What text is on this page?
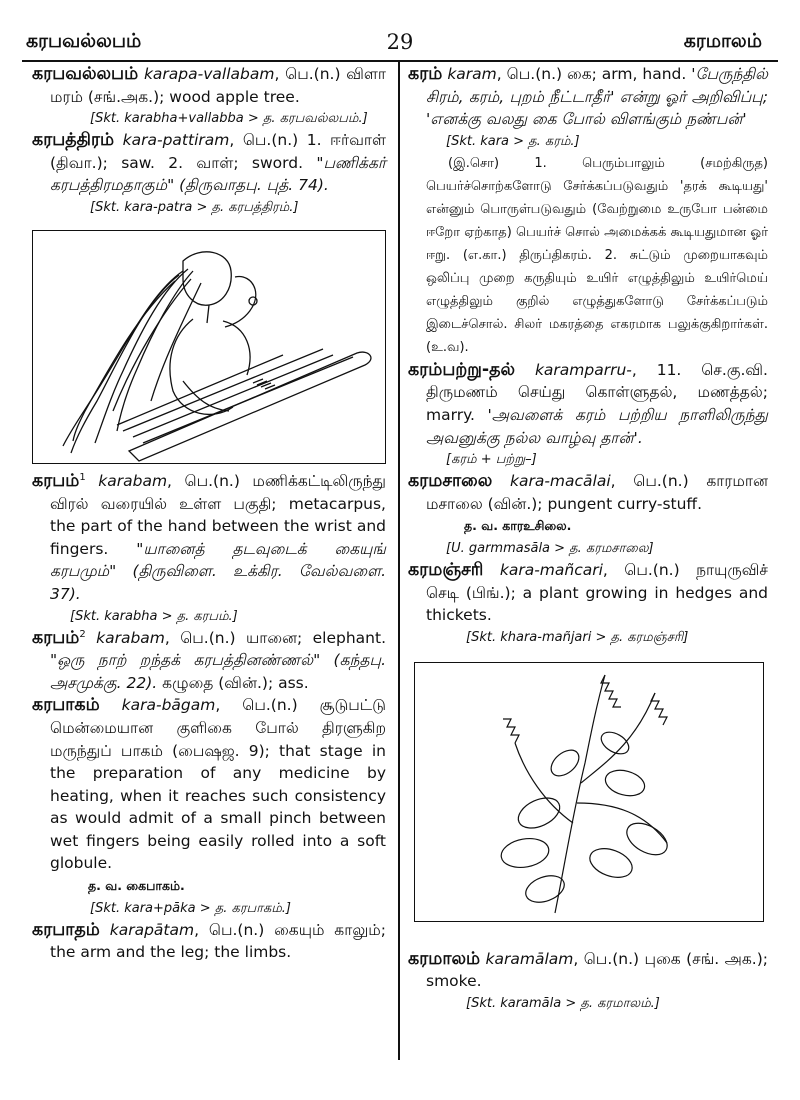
கரபவல்லபம்	29	கரமாலம்

கரபவல்லபம் karapa-vallabam, பெ.(n.) விளா மரம் (சங்.அக.); wood apple tree.

[Skt. karabha+vallabba > த. கரபவல்லபம்.]

கரபத்திரம் kara-pattiram, பெ.(n.) 1. ஈர்வாள் (திவா.); saw. 2. வாள்; sword. "பணிக்கர் கரபத்திரமதாகும்" (திருவாதபு. புத். 74).

[Skt. kara-patra > த. கரபத்திரம்.]

கரபம்$^1$ karabam, பெ.(n.) மணிக்கட்டிலிருந்து விரல் வரையில் உள்ள பகுதி; metacarpus, the part of the hand between the wrist and fingers. "யானைத் தடவுடைக் கையுங் கரபமும்" (திருவிளை. உக்கிர. வேல்வளை. 37).

[Skt. karabha > த. கரபம்.]

கரபம்$^2$ karabam, பெ.(n.) யானை; elephant. "ஒரு நாற் றந்தக் கரபத்தினண்ணல்" (கந்தபு. அசமுக்கு. 22). கழுதை (வின்.); ass.

கரபாகம் kara-bāgam, பெ.(n.) சூடுபட்டு மென்மையான குளிகை போல் திரளுகிற மருந்துப் பாகம் (பைஷஜ. 9); that stage in the preparation of any medicine by heating, when it reaches such consistency as would admit of a small pinch between wet fingers being easily rolled into a soft globule.

த. வ. கைபாகம்.

[Skt. kara+pāka > த. கரபாகம்.]

கரபாதம் karapātam, பெ.(n.) கையும் காலும்; the arm and the leg; the limbs.

கரம் karam, பெ.(n.) கை; arm, hand. 'பேருந்தில் சிரம், கரம், புறம் நீட்டாதீர்' என்று ஓர் அறிவிப்பு; 'எனக்கு வலது கை போல் விளங்கும் நண்பன்'

[Skt. kara > த. கரம்.]

(இ.சொ) 1. பெரும்பாலும் (சமற்கிருத) பெயர்ச்சொற்களோடு சேர்க்கப்படுவதும் 'தரக் கூடியது' என்னும் பொருள்படுவதும் (வேற்றுமை உருபோ பன்மை ஈறோ ஏற்காத) பெயர்ச் சொல் அமைக்கக் கூடியதுமான ஓர் ஈறு. (எ.கா.) திருப்திகரம். 2. சுட்டும் முறையாகவும் ஒலிப்பு முறை கருதியும் உயிர் எழுத்திலும் உயிர்மெய் எழுத்திலும் குறில் எழுத்துகளோடு சேர்க்கப்படும் இடைச்சொல். சிலர் மகரத்தை எகரமாக பலுக்குகிறார்கள். (உ.வ).

கரம்பற்று-தல் karamparru-, 11. செ.கு.வி. திருமணம் செய்து கொள்ளுதல், மணத்தல்; marry. 'அவளைக் கரம் பற்றிய நாளிலிருந்து அவனுக்கு நல்ல வாழ்வு தான்'.

[கரம் + பற்று–]

கரமசாலை kara-macālai, பெ.(n.) காரமான மசாலை (வின்.); pungent curry-stuff.

த. வ. காரஉசிலை.

[U. garmmasāla > த. கரமசாலை]

கரமஞ்சரி kara-mañcari, பெ.(n.) நாயுருவிச் செடி (பிங்.); a plant growing in hedges and thickets.

[Skt. khara-mañjari > த. கரமஞ்சரி]

கரமாலம் karamālam, பெ.(n.) புகை (சங். அக.); smoke.

[Skt. karamāla > த. கரமாலம்.]
